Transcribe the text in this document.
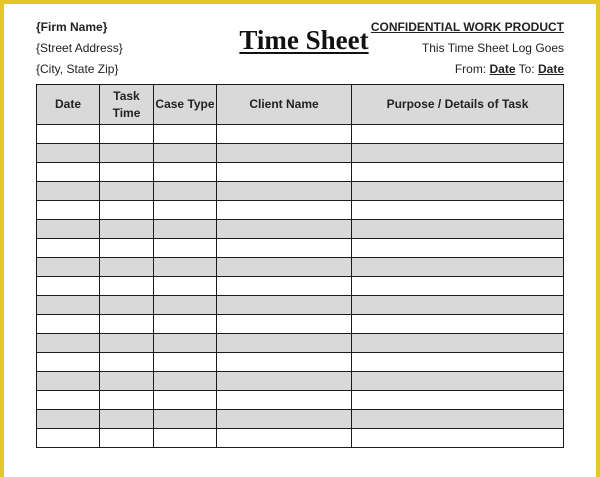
{Firm Name}
{Street Address}
{City, State Zip}
Time Sheet CONFIDENTIAL WORK PRODUCT
This Time Sheet Log Goes
From: Date To: Date
Date	Task Time	Case Type	Client Name	Purpose / Details of Task
